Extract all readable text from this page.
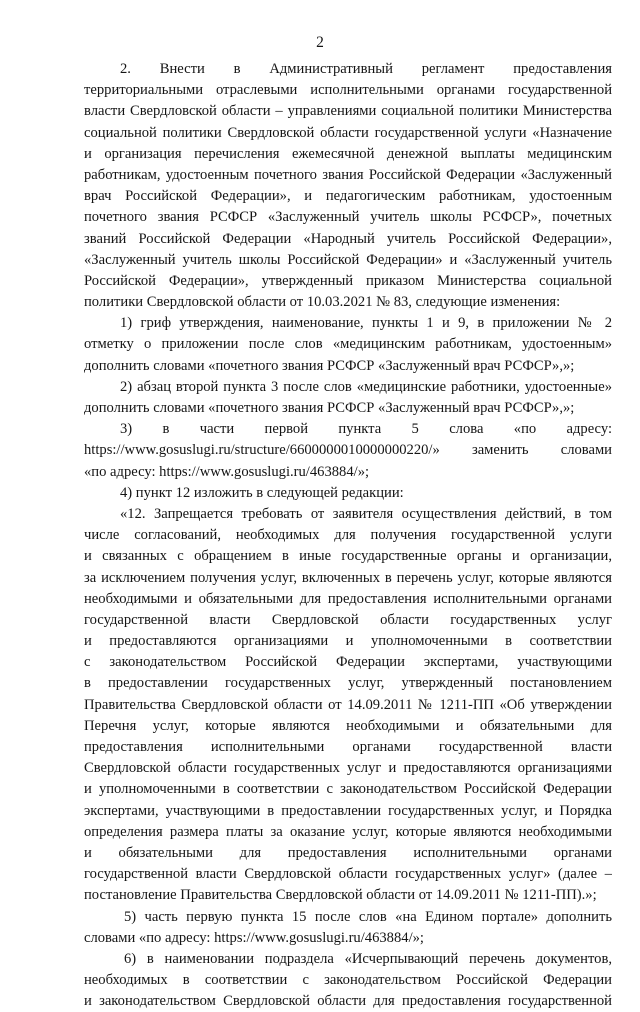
2
2. Внести в Административный регламент предоставления
территориальными отраслевыми исполнительными органами государственной
власти Свердловской области – управлениями социальной политики Министерства
социальной политики Свердловской области государственной услуги «Назначение
и организация перечисления ежемесячной денежной выплаты медицинским
работникам, удостоенным почетного звания Российской Федерации «Заслуженный
врач Российской Федерации», и педагогическим работникам, удостоенным
почетного звания РСФСР «Заслуженный учитель школы РСФСР», почетных
званий Российской Федерации «Народный учитель Российской Федерации»,
«Заслуженный учитель школы Российской Федерации» и «Заслуженный учитель
Российской Федерации», утвержденный приказом Министерства социальной
политики Свердловской области от 10.03.2021 № 83, следующие изменения:
1) гриф утверждения, наименование, пункты 1 и 9, в приложении № 2
отметку о приложении после слов «медицинским работникам, удостоенным»
дополнить словами «почетного звания РСФСР «Заслуженный врач РСФСР»,»;
2) абзац второй пункта 3 после слов «медицинские работники, удостоенные»
дополнить словами «почетного звания РСФСР «Заслуженный врач РСФСР»,»;
3) в части первой пункта 5 слова «по адресу:
https://www.gosuslugi.ru/structure/6600000010000000220/» заменить словами
«по адресу: https://www.gosuslugi.ru/463884/»;
4) пункт 12 изложить в следующей редакции:
«12. Запрещается требовать от заявителя осуществления действий, в том
числе согласований, необходимых для получения государственной услуги
и связанных с обращением в иные государственные органы и организации,
за исключением получения услуг, включенных в перечень услуг, которые являются
необходимыми и обязательными для предоставления исполнительными органами
государственной власти Свердловской области государственных услуг
и предоставляются организациями и уполномоченными в соответствии
с законодательством Российской Федерации экспертами, участвующими
в предоставлении государственных услуг, утвержденный постановлением
Правительства Свердловской области от 14.09.2011 № 1211-ПП «Об утверждении
Перечня услуг, которые являются необходимыми и обязательными для
предоставления исполнительными органами государственной власти
Свердловской области государственных услуг и предоставляются организациями
и уполномоченными в соответствии с законодательством Российской Федерации
экспертами, участвующими в предоставлении государственных услуг, и Порядка
определения размера платы за оказание услуг, которые являются необходимыми
и обязательными для предоставления исполнительными органами
государственной власти Свердловской области государственных услуг» (далее –
постановление Правительства Свердловской области от 14.09.2011 № 1211-ПП).»;
5) часть первую пункта 15 после слов «на Едином портале» дополнить
словами «по адресу: https://www.gosuslugi.ru/463884/»;
6) в наименовании подраздела «Исчерпывающий перечень документов,
необходимых в соответствии с законодательством Российской Федерации
и законодательством Свердловской области для предоставления государственной
